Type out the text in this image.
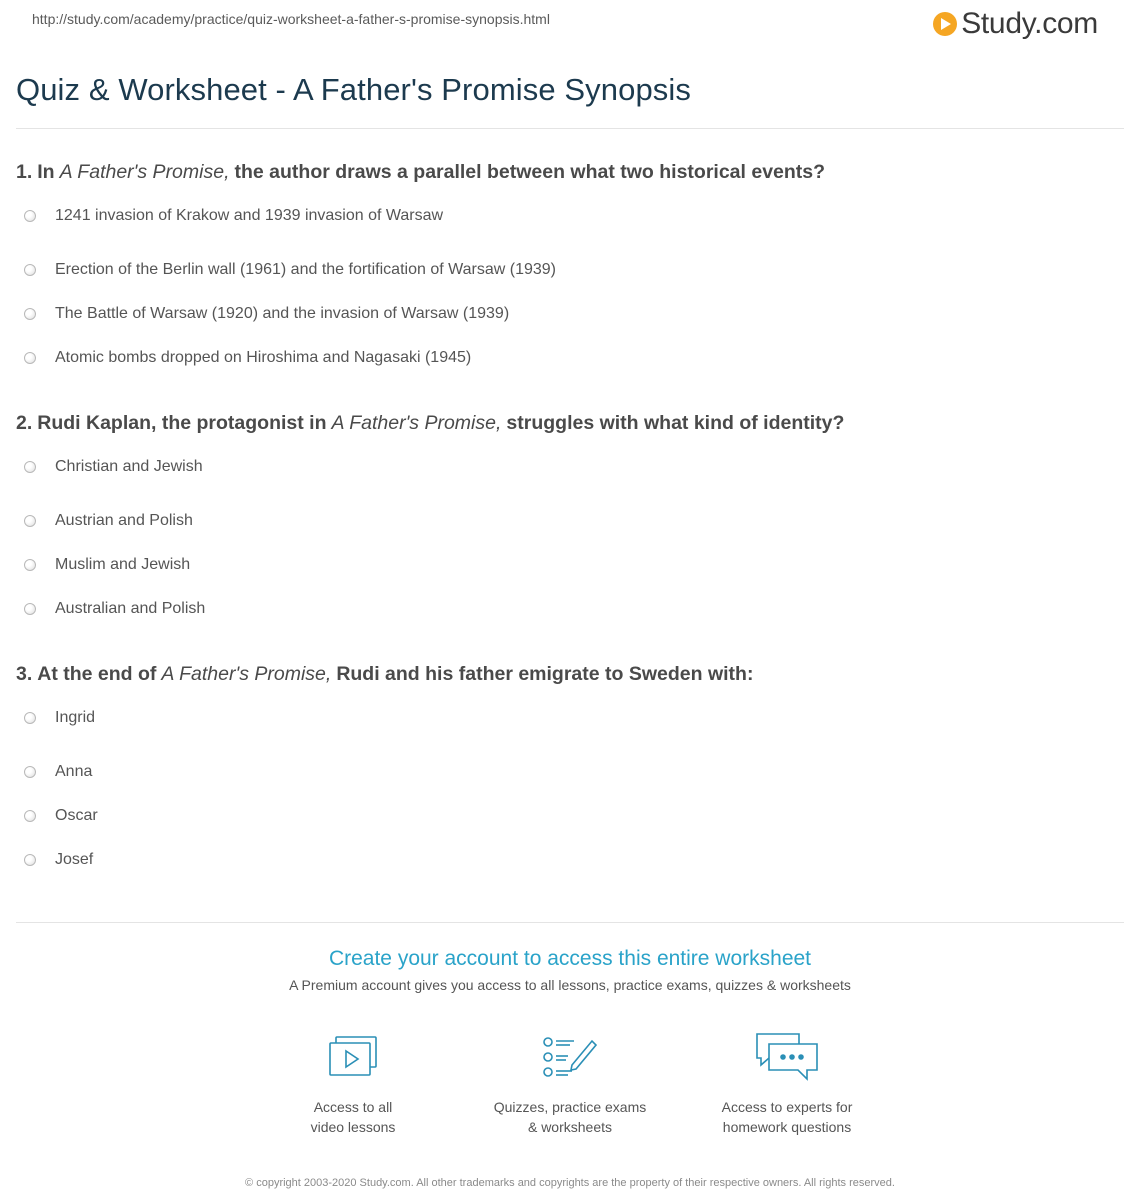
http://study.com/academy/practice/quiz-worksheet-a-father-s-promise-synopsis.html	Study.com
Quiz & Worksheet - A Father's Promise Synopsis
1. In A Father's Promise, the author draws a parallel between what two historical events?
1241 invasion of Krakow and 1939 invasion of Warsaw
Erection of the Berlin wall (1961) and the fortification of Warsaw (1939)
The Battle of Warsaw (1920) and the invasion of Warsaw (1939)
Atomic bombs dropped on Hiroshima and Nagasaki (1945)
2. Rudi Kaplan, the protagonist in A Father's Promise, struggles with what kind of identity?
Christian and Jewish
Austrian and Polish
Muslim and Jewish
Australian and Polish
3. At the end of A Father's Promise, Rudi and his father emigrate to Sweden with:
Ingrid
Anna
Oscar
Josef
Create your account to access this entire worksheet
A Premium account gives you access to all lessons, practice exams, quizzes & worksheets
Access to all
video lessons
Quizzes, practice exams
& worksheets
Access to experts for
homework questions
© copyright 2003-2020 Study.com. All other trademarks and copyrights are the property of their respective owners. All rights reserved.
